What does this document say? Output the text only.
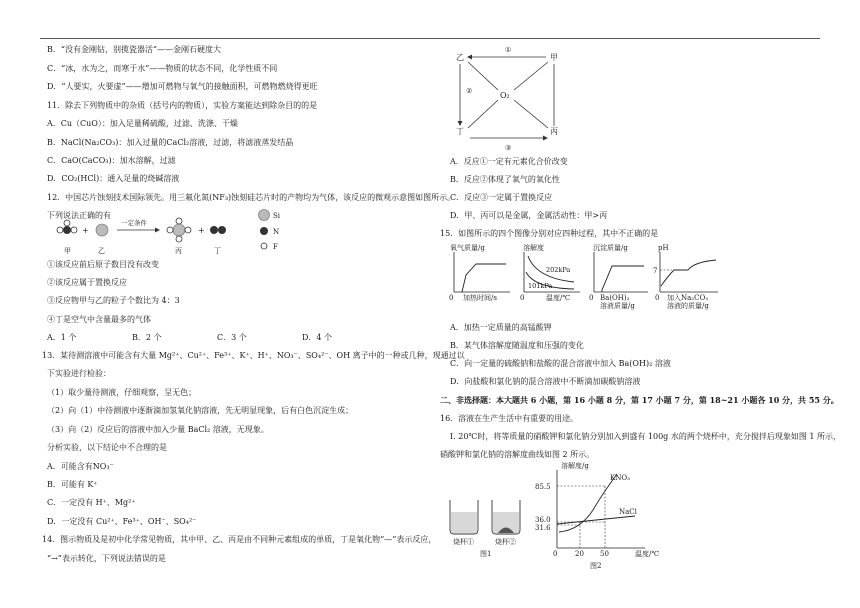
B．“没有金刚钻，别揽瓷器活”——金刚石硬度大
C．“冰，水为之，而寒于水”——物质的状态不同，化学性质不同
D．“人要实，火要虚”——增加可燃物与氧气的接触面积，可燃物燃烧得更旺
11．除去下列物质中的杂质（括号内的物质），实验方案能达到除杂目的的是
A．Cu（CuO）：加入足量稀硫酸，过滤、洗涤、干燥
B．NaCl(Na₂CO₃)：加入过量的CaCl₂溶液，过滤，将滤液蒸发结晶
C．CaO(CaCO₃)：加水溶解，过滤
D．CO₂(HCl)：通入足量的烧碱溶液
12．中国芯片蚀刻技术国际领先。用三氟化氮(NF₃)蚀刻硅芯片时的产物均为气体，该反应的微观示意图如图所示。
下列说法正确的有
+
一定条件
+
甲	乙	丙	丁
Si
N
F
①该反应前后原子数目没有改变
②该反应属于置换反应
③反应物甲与乙的粒子个数比为 4：3
④丁是空气中含量最多的气体
A．1 个	B．2 个	C．3 个	D．4 个
13．某待测溶液中可能含有大量 Mg²⁺、Cu²⁺、Fe³⁺、K⁺、H⁺、NO₃⁻、SO₄²⁻、OH 离子中的一种或几种，现通过以
下实验进行检验：
（1）取少量待测液，仔细观察，呈无色；
（2）向（1）中待测液中逐渐滴加氢氧化钠溶液，先无明显现象，后有白色沉淀生成；
（3）向（2）反应后的溶液中加入少量 BaCl₂ 溶液，无现象。
分析实验，以下结论中不合理的是
A．可能含有NO₃⁻
B．可能有 K⁺
C．一定没有 H⁺、Mg²⁺
D．一定没有 Cu²⁺、Fe³⁺、OH⁻、SO₄²⁻
14．图示物质及是初中化学常见物质，其中甲、乙、丙是由不同种元素组成的单质，丁是氧化物“—”表示反应，
“→”表示转化，下列说法错误的是
乙	甲
丁	丙
O₂
①
②
③
A．反应①一定有元素化合价改变
B．反应②体现了氧气的氧化性
C．反应③一定属于置换反应
D．甲、丙可以是金属，金属活动性：甲>丙
15．如图所示的四个图像分别对应四种过程，其中不正确的是
氧气质量/g
0 加热时间/s
溶解度
202kPa
101kPa
0	温度/℃
沉淀质量/g
0 Ba(OH)₂
溶液质量/g
pH
7
0 加入Na₂CO₃
溶液的质量/g
A．加热一定质量的高锰酸钾
B．某气体溶解度随温度和压强的变化
C．向一定量的硫酸钠和盐酸的混合溶液中加入 Ba(OH)₂ 溶液
D．向盐酸和氯化钠的混合溶液中不断滴加碳酸钠溶液
二、非选择题：本大题共 6 小题，第 16 小题 8 分，第 17 小题 7 分，第 18~21 小题各 10 分，共 55 分。
16．溶液在生产生活中有重要的用途。
Ⅰ. 20℃时，将等质量的硝酸钾和氯化钠分别加入到盛有 100g 水的两个烧杯中，充分搅拌后现象如图 1 所示，
硝酸钾和氯化钠的溶解度曲线如图 2 所示。
烧杯①	烧杯②
图1
溶解度/g
KNO₃
NaCl
85.5
36.0
31.6
0	20 50	温度/℃
图2
